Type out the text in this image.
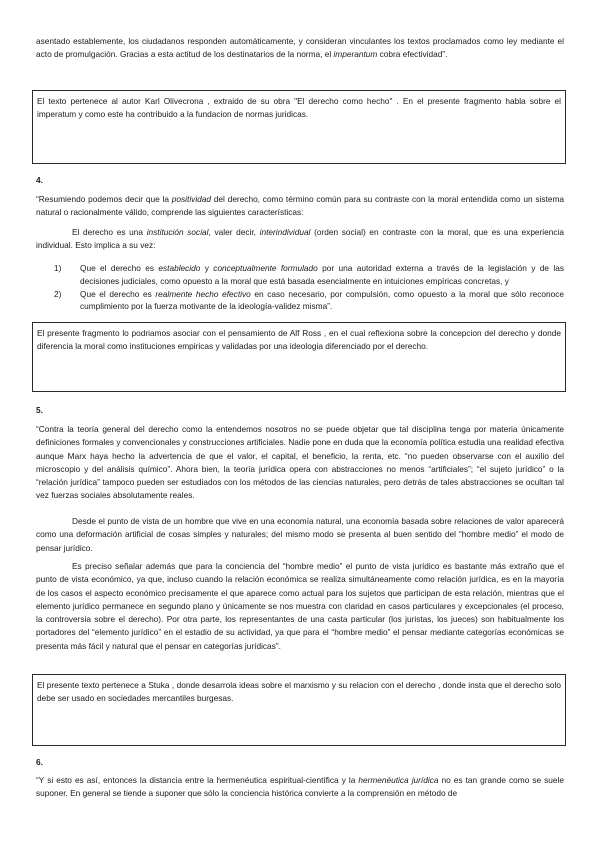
asentado establemente, los ciudadanos responden automáticamente, y consideran vinculantes los textos proclamados como ley mediante el acto de promulgación. Gracias a esta actitud de los destinatarios de la norma, el imperantum cobra efectividad”.

El texto pertenece al autor Karl Olivecrona , extraido de su obra "El derecho como hecho" . En el presente fragmento habla sobre el imperatum y como este ha contribuido a la fundacion de normas juridicas.

4.

“Resumiendo podemos decir que la positividad del derecho, como término común para su contraste con la moral entendida como un sistema natural o racionalmente válido, comprende las siguientes características:

El derecho es una institución social, valer decir, interindividual (orden social) en contraste con la moral, que es una experiencia individual. Esto implica a su vez:

1) Que el derecho es establecido y conceptualmente formulado por una autoridad externa a través de la legislación y de las decisiones judiciales, como opuesto a la moral que está basada esencialmente en intuiciones empíricas concretas, y
2) Que el derecho es realmente hecho efectivo en caso necesario, por compulsión, como opuesto a la moral que sólo reconoce cumplimiento por la fuerza motivante de la ideología-validez misma”.
El presente fragmento lo podriamos asociar con el pensamiento de Alf Ross , en el cual reflexiona sobre la concepcion del derecho y donde diferencia la moral como instituciones empiricas y validadas por una ideologia diferenciado por el derecho.

5.

“Contra la teoría general del derecho como la entendemos nosotros no se puede objetar que tal disciplina tenga por materia únicamente definiciones formales y convencionales y construcciones artificiales. Nadie pone en duda que la economía política estudia una realidad efectiva aunque Marx haya hecho la advertencia de que el valor, el capital, el beneficio, la renta, etc. “no pueden observarse con el auxilio del microscopio y del análisis químico”. Ahora bien, la teoría jurídica opera con abstracciones no menos “artificiales”; “el sujeto jurídico” o la “relación jurídica” tampoco pueden ser estudiados con los métodos de las ciencias naturales, pero detrás de tales abstracciones se ocultan tal vez fuerzas sociales absolutamente reales.

Desde el punto de vista de un hombre que vive en una economía natural, una economía basada sobre relaciones de valor aparecerá como una deformación artificial de cosas simples y naturales; del mismo modo se presenta al buen sentido del “hombre medio” el modo de pensar jurídico.

Es preciso señalar además que para la conciencia del “hombre medio” el punto de vista jurídico es bastante más extraño que el punto de vista económico, ya que, incluso cuando la relación económica se realiza simultáneamente como relación jurídica, es en la mayoría de los casos el aspecto económico precisamente el que aparece como actual para los sujetos que participan de esta relación, mientras que el elemento jurídico permanece en segundo plano y únicamente se nos muestra con claridad en casos particulares y excepcionales (el proceso, la controversia sobre el derecho). Por otra parte, los representantes de una casta particular (los juristas, los jueces) son habitualmente los portadores del “elemento jurídico” en el estadio de su actividad, ya que para el “hombre medio” el pensar mediante categorías económicas se presenta más fácil y natural que el pensar en categorías jurídicas”.

El presente texto pertenece a Stuka , donde desarrola ideas sobre el marxismo y su relacion con el derecho , donde insta que el derecho solo debe ser usado en sociedades mercantiles burgesas.

6.

“Y si esto es así, entonces la distancia entre la hermenéutica espiritual-científica y la hermenéutica jurídica no es tan grande como se suele suponer. En general se tiende a suponer que sólo la conciencia histórica convierte a la comprensión en método de
